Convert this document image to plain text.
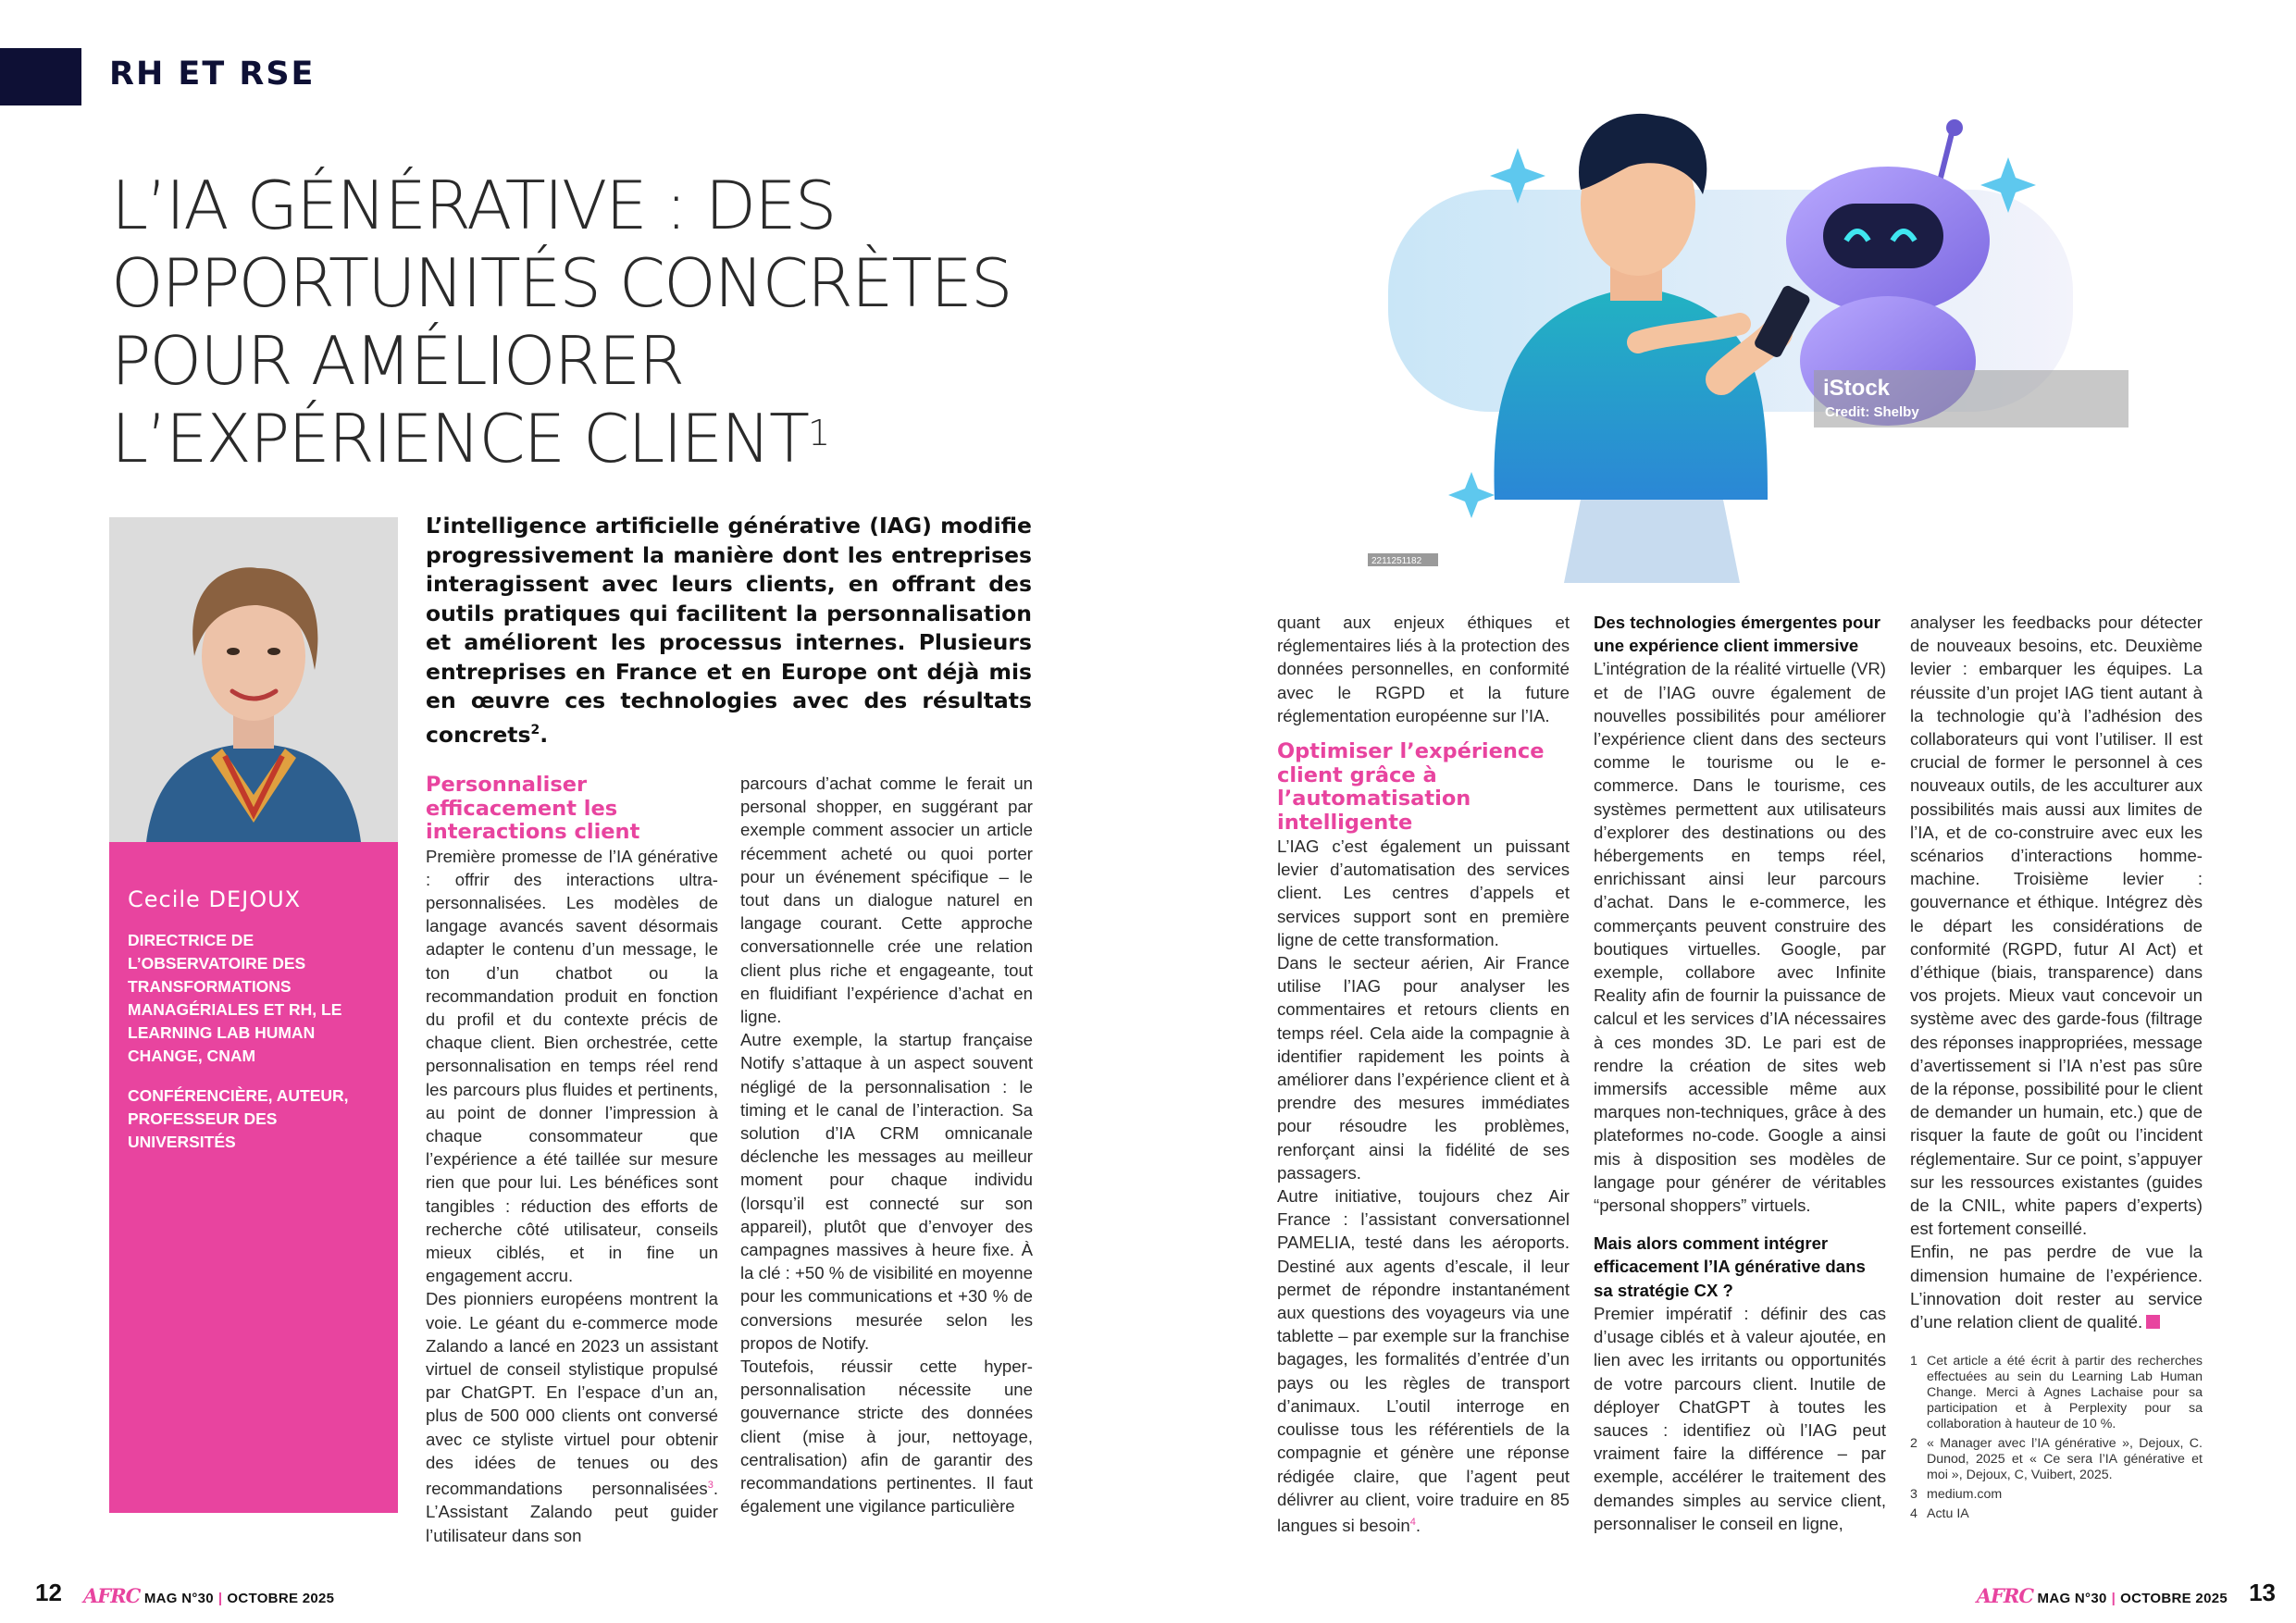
RH ET RSE
L’IA GÉNÉRATIVE : DES
OPPORTUNITÉS CONCRÈTES
POUR AMÉLIORER
L’EXPÉRIENCE CLIENT$^1$
Cecile DEJOUX
DIRECTRICE DE L’OBSERVATOIRE DES TRANSFORMATIONS MANAGÉRIALES ET RH, LE LEARNING LAB HUMAN CHANGE, CNAM
CONFÉRENCIÈRE, AUTEUR, PROFESSEUR DES UNIVERSITÉS
L’intelligence artificielle générative (IAG) modifie progressivement la manière dont les entreprises interagissent avec leurs clients, en offrant des outils pratiques qui facilitent la personnalisation et améliorent les processus internes. Plusieurs entreprises en France et en Europe ont déjà mis en œuvre ces technologies avec des résultats concrets$^2$.
Personnaliser efficacement les interactions client

Première promesse de l’IA générative : offrir des interactions ultra-personnalisées. Les modèles de langage avancés savent désormais adapter le contenu d’un message, le ton d’un chatbot ou la recommandation produit en fonction du profil et du contexte précis de chaque client. Bien orchestrée, cette personnalisation en temps réel rend les parcours plus fluides et pertinents, au point de donner l’impression à chaque consommateur que l’expérience a été taillée sur mesure rien que pour lui. Les bénéfices sont tangibles : réduction des efforts de recherche côté utilisateur, conseils mieux ciblés, et in fine un engagement accru.

Des pionniers européens montrent la voie. Le géant du e-commerce mode Zalando a lancé en 2023 un assistant virtuel de conseil stylistique propulsé par ChatGPT. En l’espace d’un an, plus de 500 000 clients ont conversé avec ce styliste virtuel pour obtenir des idées de tenues ou des recommandations personnalisées$^3$. L’Assistant Zalando peut guider l’utilisateur dans son

parcours d’achat comme le ferait un personal shopper, en suggérant par exemple comment associer un article récemment acheté ou quoi porter pour un événement spécifique – le tout dans un dialogue naturel en langage courant. Cette approche conversationnelle crée une relation client plus riche et engageante, tout en fluidifiant l’expérience d’achat en ligne.

Autre exemple, la startup française Notify s’attaque à un aspect souvent négligé de la personnalisation : le timing et le canal de l’interaction. Sa solution d’IA CRM omnicanale déclenche les messages au meilleur moment pour chaque individu (lorsqu’il est connecté sur son appareil), plutôt que d’envoyer des campagnes massives à heure fixe. À la clé : +50 % de visibilité en moyenne pour les communications et +30 % de conversions mesurée selon les propos de Notify.

Toutefois, réussir cette hyper-personnalisation nécessite une gouvernance stricte des données client (mise à jour, nettoyage, centralisation) afin de garantir des recommandations pertinentes. Il faut également une vigilance particulière

iStock
Credit: Shelby
2211251182

quant aux enjeux éthiques et réglementaires liés à la protection des données personnelles, en conformité avec le RGPD et la future réglementation européenne sur l’IA.

Optimiser l’expérience client grâce à l’automatisation intelligente

L’IAG c’est également un puissant levier d’automatisation des services client. Les centres d’appels et services support sont en première ligne de cette transformation.

Dans le secteur aérien, Air France utilise l’IAG pour analyser les commentaires et retours clients en temps réel. Cela aide la compagnie à identifier rapidement les points à améliorer dans l’expérience client et à prendre des mesures immédiates pour résoudre les problèmes, renforçant ainsi la fidélité de ses passagers.

Autre initiative, toujours chez Air France : l’assistant conversationnel PAMELIA, testé dans les aéroports. Destiné aux agents d’escale, il leur permet de répondre instantanément aux questions des voyageurs via une tablette – par exemple sur la franchise bagages, les formalités d’entrée d’un pays ou les règles de transport d’animaux. L’outil interroge en coulisse tous les référentiels de la compagnie et génère une réponse rédigée claire, que l’agent peut délivrer au client, voire traduire en 85 langues si besoin$^4$.

Des technologies émergentes pour une expérience client immersive

L’intégration de la réalité virtuelle (VR) et de l’IAG ouvre également de nouvelles possibilités pour améliorer l’expérience client dans des secteurs comme le tourisme ou le e-commerce. Dans le tourisme, ces systèmes permettent aux utilisateurs d’explorer des destinations ou des hébergements en temps réel, enrichissant ainsi leur parcours d’achat. Dans le e-commerce, les commerçants peuvent construire des boutiques virtuelles. Google, par exemple, collabore avec Infinite Reality afin de fournir la puissance de calcul et les services d’IA nécessaires à ces mondes 3D. Le pari est de rendre la création de sites web immersifs accessible même aux marques non-techniques, grâce à des plateformes no-code. Google a ainsi mis à disposition ses modèles de langage pour générer de véritables “personal shoppers” virtuels.

Mais alors comment intégrer efficacement l’IA générative dans sa stratégie CX ?

Premier impératif : définir des cas d’usage ciblés et à valeur ajoutée, en lien avec les irritants ou opportunités de votre parcours client. Inutile de déployer ChatGPT à toutes les sauces : identifiez où l’IAG peut vraiment faire la différence – par exemple, accélérer le traitement des demandes simples au service client, personnaliser le conseil en ligne,

analyser les feedbacks pour détecter de nouveaux besoins, etc. Deuxième levier : embarquer les équipes. La réussite d’un projet IAG tient autant à la technologie qu’à l’adhésion des collaborateurs qui vont l’utiliser. Il est crucial de former le personnel à ces nouveaux outils, de les acculturer aux possibilités mais aussi aux limites de l’IA, et de co-construire avec eux les scénarios d’interactions homme-machine. Troisième levier : gouvernance et éthique. Intégrez dès le départ les considérations de conformité (RGPD, futur AI Act) et d’éthique (biais, transparence) dans vos projets. Mieux vaut concevoir un système avec des garde-fous (filtrage des réponses inappropriées, message d’avertissement si l’IA n’est pas sûre de la réponse, possibilité pour le client de demander un humain, etc.) que de risquer la faute de goût ou l’incident réglementaire. Sur ce point, s’appuyer sur les ressources existantes (guides de la CNIL, white papers d’experts) est fortement conseillé.

Enfin, ne pas perdre de vue la dimension humaine de l’expérience. L’innovation doit rester au service d’une relation client de qualité.

1 Cet article a été écrit à partir des recherches effectuées au sein du Learning Lab Human Change. Merci à Agnes Lachaise pour sa participation et à Perplexity pour sa collaboration à hauteur de 10 %.
2 « Manager avec l’IA générative », Dejoux, C. Dunod, 2025 et « Ce sera l’IA générative et moi », Dejoux, C, Vuibert, 2025.
3 medium.com
4 Actu IA
12 AFRC MAG N°30 | OCTOBRE 2025	AFRC MAG N°30 | OCTOBRE 2025 13
